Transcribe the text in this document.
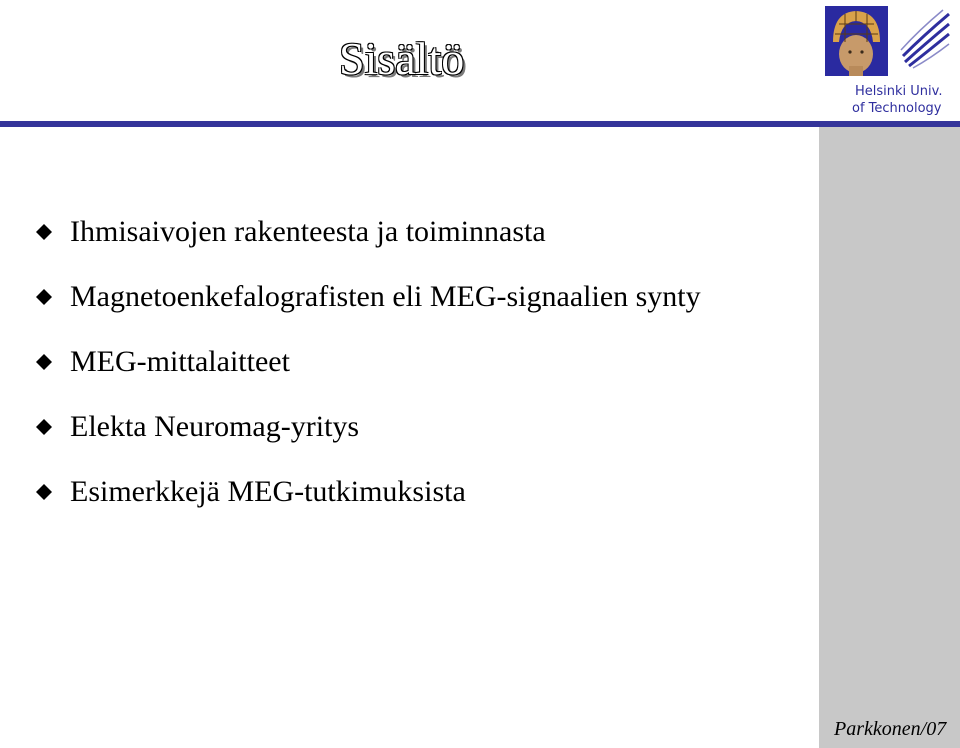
Sisältö
Helsinki Univ.
of Technology
Ihmisaivojen rakenteesta ja toiminnasta
Magnetoenkefalografisten eli MEG-signaalien synty
MEG-mittalaitteet
Elekta Neuromag-yritys
Esimerkkejä MEG-tutkimuksista
Parkkonen/07
